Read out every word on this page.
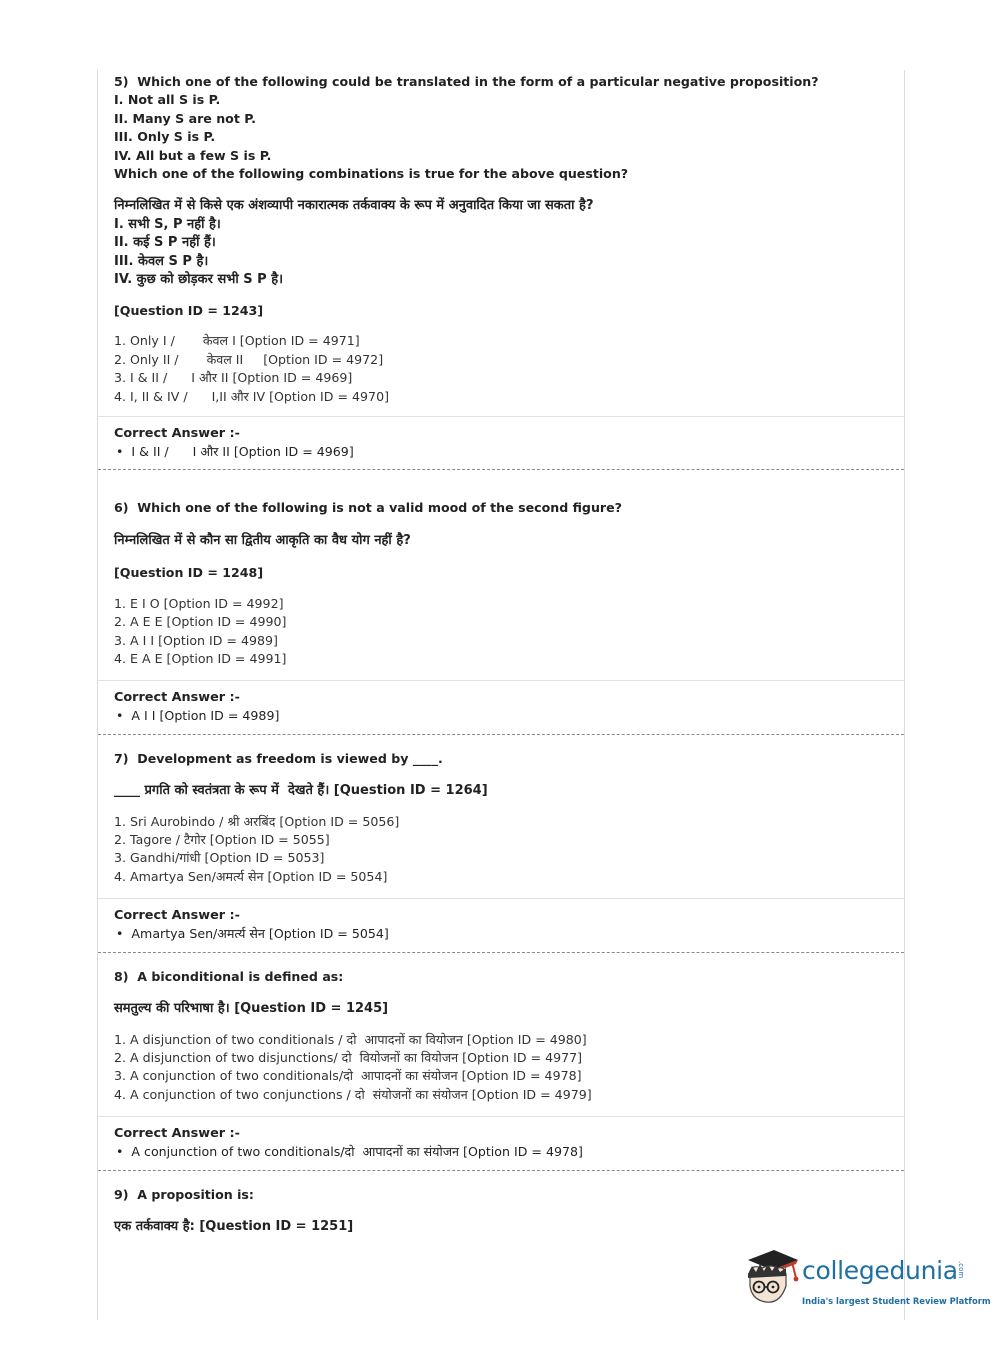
5)  Which one of the following could be translated in the form of a particular negative proposition?
I. Not all S is P.
II. Many S are not P.
III. Only S is P.
IV. All but a few S is P.
Which one of the following combinations is true for the above question?
निम्नलिखित में से किसे एक अंशव्यापी नकारात्मक तर्कवाक्य के रूप में अनुवादित किया जा सकता है?
I. सभी S, P नहीं है।
II. कई S P नहीं हैं।
III. केवल S P है।
IV. कुछ को छोड़कर सभी S P है।
[Question ID = 1243]
1. Only I /       केवल I [Option ID = 4971]
2. Only II /       केवल II     [Option ID = 4972]
3. I & II /      I और II [Option ID = 4969]
4. I, II & IV /      I,II और IV [Option ID = 4970]
Correct Answer :-
•  I & II /      I और II [Option ID = 4969]
6)  Which one of the following is not a valid mood of the second figure?
निम्नलिखित में से कौन सा द्वितीय आकृति का वैध योग नहीं है?
[Question ID = 1248]
1. E I O [Option ID = 4992]
2. A E E [Option ID = 4990]
3. A I I [Option ID = 4989]
4. E A E [Option ID = 4991]
Correct Answer :-
•  A I I [Option ID = 4989]
7)  Development as freedom is viewed by ____.
____ प्रगति को स्वतंत्रता के रूप में  देखते हैं। [Question ID = 1264]
1. Sri Aurobindo / श्री अरबिंद [Option ID = 5056]
2. Tagore / टैगोर [Option ID = 5055]
3. Gandhi/गांधी [Option ID = 5053]
4. Amartya Sen/अमर्त्य सेन [Option ID = 5054]
Correct Answer :-
•  Amartya Sen/अमर्त्य सेन [Option ID = 5054]
8)  A biconditional is defined as:
समतुल्य की परिभाषा है। [Question ID = 1245]
1. A disjunction of two conditionals / दो  आपादनों का वियोजन [Option ID = 4980]
2. A disjunction of two disjunctions/ दो  वियोजनों का वियोजन [Option ID = 4977]
3. A conjunction of two conditionals/दो  आपादनों का संयोजन [Option ID = 4978]
4. A conjunction of two conjunctions / दो  संयोजनों का संयोजन [Option ID = 4979]
Correct Answer :-
•  A conjunction of two conditionals/दो  आपादनों का संयोजन [Option ID = 4978]
9)  A proposition is:
एक तर्कवाक्य है: [Question ID = 1251]
collegedunia .com
India's largest Student Review Platform
